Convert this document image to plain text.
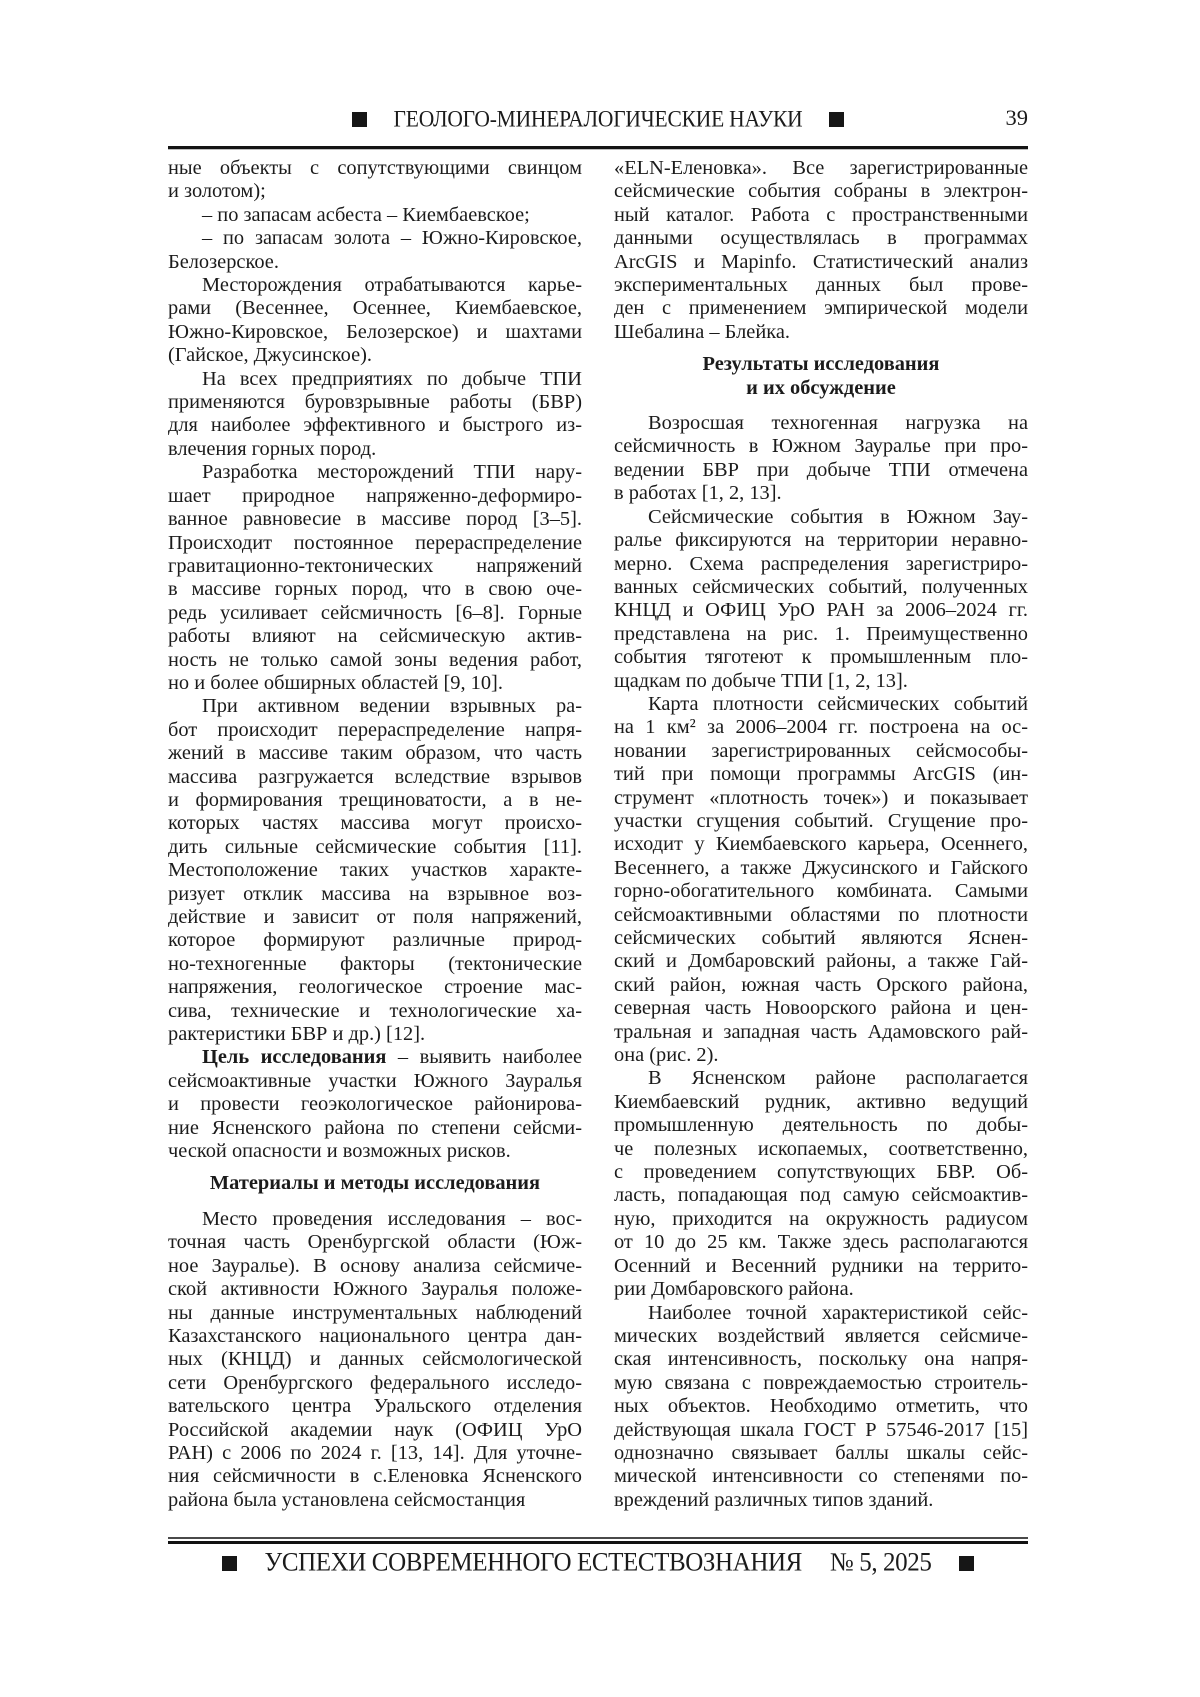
ГЕОЛОГО-МИНЕРАЛОГИЧЕСКИЕ НАУКИ	39
ные объекты с сопутствующими свинцом
и золотом);
– по запасам асбеста – Киембаевское;
– по запасам золота – Южно-Кировское,
Белозерское.
Месторождения отрабатываются карье-
рами (Весеннее, Осеннее, Киембаевское,
Южно-Кировское, Белозерское) и шахтами
(Гайское, Джусинское).
На всех предприятиях по добыче ТПИ
применяются буровзрывные работы (БВР)
для наиболее эффективного и быстрого из-
влечения горных пород.
Разработка месторождений ТПИ нару-
шает природное напряженно-деформиро-
ванное равновесие в массиве пород [3–5].
Происходит постоянное перераспределение
гравитационно-тектонических напряжений
в массиве горных пород, что в свою оче-
редь усиливает сейсмичность [6–8]. Горные
работы влияют на сейсмическую актив-
ность не только самой зоны ведения работ,
но и более обширных областей [9, 10].
При активном ведении взрывных ра-
бот происходит перераспределение напря-
жений в массиве таким образом, что часть
массива разгружается вследствие взрывов
и формирования трещиноватости, а в не-
которых частях массива могут происхо-
дить сильные сейсмические события [11].
Местоположение таких участков характе-
ризует отклик массива на взрывное воз-
действие и зависит от поля напряжений,
которое формируют различные природ-
но-техногенные факторы (тектонические
напряжения, геологическое строение мас-
сива, технические и технологические ха-
рактеристики БВР и др.) [12].
Цель исследования – выявить наиболее
сейсмоактивные участки Южного Зауралья
и провести геоэкологическое районирова-
ние Ясненского района по степени сейсми-
ческой опасности и возможных рисков.
Материалы и методы исследования
Место проведения исследования – вос-
точная часть Оренбургской области (Юж-
ное Зауралье). В основу анализа сейсмиче-
ской активности Южного Зауралья положе-
ны данные инструментальных наблюдений
Казахстанского национального центра дан-
ных (КНЦД) и данных сейсмологической
сети Оренбургского федерального исследо-
вательского центра Уральского отделения
Российской академии наук (ОФИЦ УрО
РАН) с 2006 по 2024 г. [13, 14]. Для уточне-
ния сейсмичности в с.Еленовка Ясненского
района была установлена сейсмостанция
«ELN-Еленовка». Все зарегистрированные
сейсмические события собраны в электрон-
ный каталог. Работа с пространственными
данными осуществлялась в программах
ArcGIS и Mapinfo. Статистический анализ
экспериментальных данных был прове-
ден с применением эмпирической модели
Шебалина – Блейка.
Результаты исследования
и их обсуждение
Возросшая техногенная нагрузка на
сейсмичность в Южном Зауралье при про-
ведении БВР при добыче ТПИ отмечена
в работах [1, 2, 13].
Сейсмические события в Южном Зау-
ралье фиксируются на территории неравно-
мерно. Схема распределения зарегистриро-
ванных сейсмических событий, полученных
КНЦД и ОФИЦ УрО РАН за 2006–2024 гг.
представлена на рис. 1. Преимущественно
события тяготеют к промышленным пло-
щадкам по добыче ТПИ [1, 2, 13].
Карта плотности сейсмических событий
на 1 км² за 2006–2004 гг. построена на ос-
новании зарегистрированных сейсмособы-
тий при помощи программы ArcGIS (ин-
струмент «плотность точек») и показывает
участки сгущения событий. Сгущение про-
исходит у Киембаевского карьера, Осеннего,
Весеннего, а также Джусинского и Гайского
горно-обогатительного комбината. Самыми
сейсмоактивными областями по плотности
сейсмических событий являются Яснен-
ский и Домбаровский районы, а также Гай-
ский район, южная часть Орского района,
северная часть Новоорского района и цен-
тральная и западная часть Адамовского рай-
она (рис. 2).
В Ясненском районе располагается
Киембаевский рудник, активно ведущий
промышленную деятельность по добы-
че полезных ископаемых, соответственно,
с проведением сопутствующих БВР. Об-
ласть, попадающая под самую сейсмоактив-
ную, приходится на окружность радиусом
от 10 до 25 км. Также здесь располагаются
Осенний и Весенний рудники на террито-
рии Домбаровского района.
Наиболее точной характеристикой сейс-
мических воздействий является сейсмиче-
ская интенсивность, поскольку она напря-
мую связана с повреждаемостью строитель-
ных объектов. Необходимо отметить, что
действующая шкала ГОСТ Р 57546-2017 [15]
однозначно связывает баллы шкалы сейс-
мической интенсивности со степенями по-
вреждений различных типов зданий.
УСПЕХИ СОВРЕМЕННОГО ЕСТЕСТВОЗНАНИЯ № 5, 2025
